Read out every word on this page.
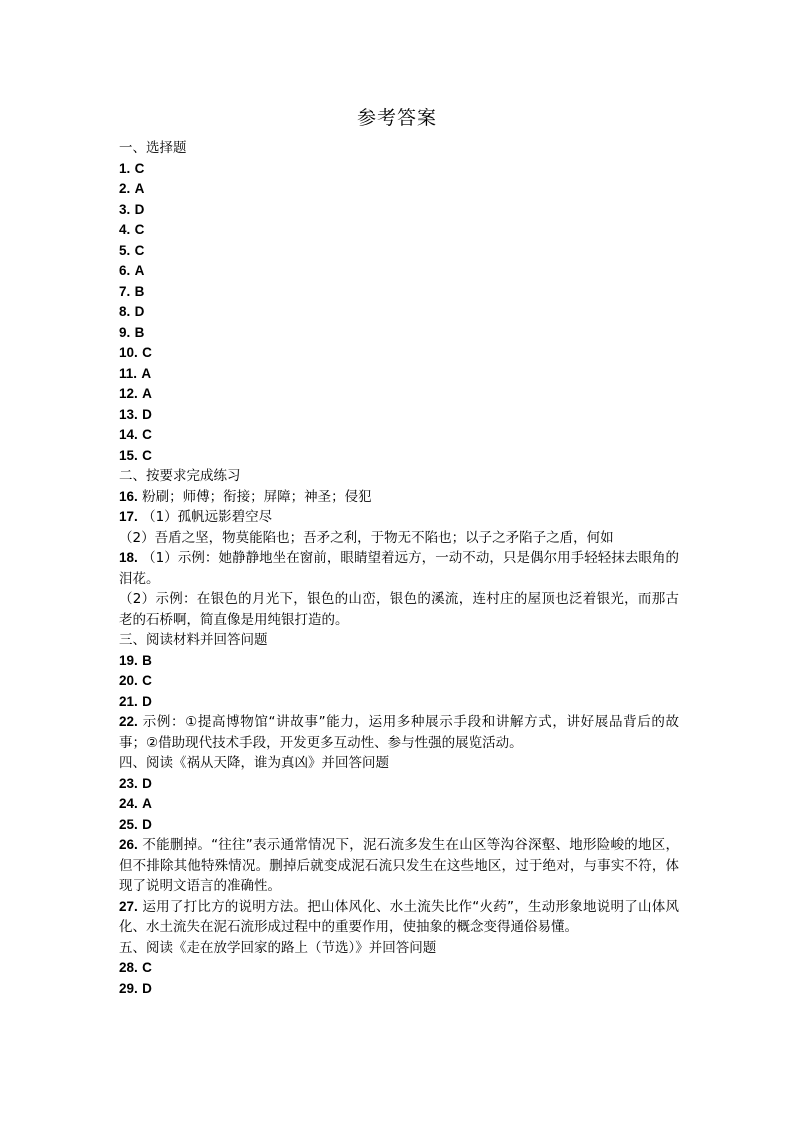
参考答案

一、选择题

1. C

2. A

3. D

4. C

5. C

6. A

7. B

8. D

9. B

10. C

11. A

12. A

13. D

14. C

15. C

二、按要求完成练习

16. 粉刷；师傅；衔接；屏障；神圣；侵犯

17. （1）孤帆远影碧空尽

（2）吾盾之坚，物莫能陷也；吾矛之利，于物无不陷也；以子之矛陷子之盾，何如

18. （1）示例：她静静地坐在窗前，眼睛望着远方，一动不动，只是偶尔用手轻轻抹去眼角的泪花。

（2）示例：在银色的月光下，银色的山峦，银色的溪流，连村庄的屋顶也泛着银光，而那古老的石桥啊，简直像是用纯银打造的。

三、阅读材料并回答问题

19. B

20. C

21. D

22. 示例：①提高博物馆“讲故事”能力，运用多种展示手段和讲解方式，讲好展品背后的故事；②借助现代技术手段，开发更多互动性、参与性强的展览活动。

四、阅读《祸从天降，谁为真凶》并回答问题

23. D

24. A

25. D

26. 不能删掉。“往往”表示通常情况下，泥石流多发生在山区等沟谷深壑、地形险峻的地区，但不排除其他特殊情况。删掉后就变成泥石流只发生在这些地区，过于绝对，与事实不符，体现了说明文语言的准确性。

27. 运用了打比方的说明方法。把山体风化、水土流失比作“火药”，生动形象地说明了山体风化、水土流失在泥石流形成过程中的重要作用，使抽象的概念变得通俗易懂。

五、阅读《走在放学回家的路上（节选）》并回答问题

28. C

29. D
